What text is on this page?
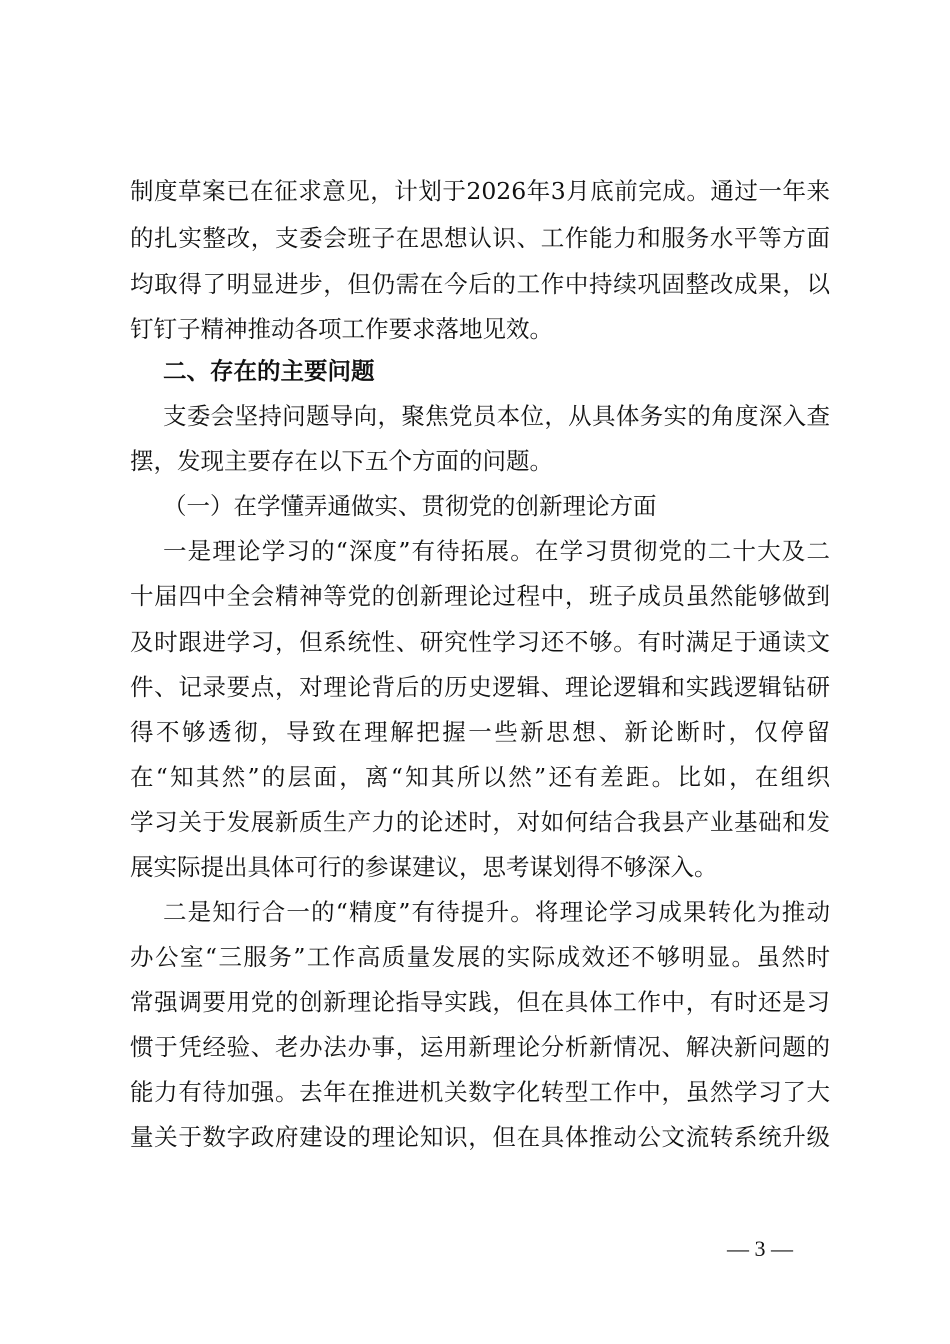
制度草案已在征求意见，计划于2026年3月底前完成。通过一年来
的扎实整改，支委会班子在思想认识、工作能力和服务水平等方面
均取得了明显进步，但仍需在今后的工作中持续巩固整改成果，以
钉钉子精神推动各项工作要求落地见效。
二、存在的主要问题
支委会坚持问题导向，聚焦党员本位，从具体务实的角度深入查
摆，发现主要存在以下五个方面的问题。
（一）在学懂弄通做实、贯彻党的创新理论方面
一是理论学习的“深度”有待拓展。在学习贯彻党的二十大及二
十届四中全会精神等党的创新理论过程中，班子成员虽然能够做到
及时跟进学习，但系统性、研究性学习还不够。有时满足于通读文
件、记录要点，对理论背后的历史逻辑、理论逻辑和实践逻辑钻研
得不够透彻，导致在理解把握一些新思想、新论断时，仅停留
在“知其然”的层面，离“知其所以然”还有差距。比如，在组织
学习关于发展新质生产力的论述时，对如何结合我县产业基础和发
展实际提出具体可行的参谋建议，思考谋划得不够深入。
二是知行合一的“精度”有待提升。将理论学习成果转化为推动
办公室“三服务”工作高质量发展的实际成效还不够明显。虽然时
常强调要用党的创新理论指导实践，但在具体工作中，有时还是习
惯于凭经验、老办法办事，运用新理论分析新情况、解决新问题的
能力有待加强。去年在推进机关数字化转型工作中，虽然学习了大
量关于数字政府建设的理论知识，但在具体推动公文流转系统升级
— 3 —
